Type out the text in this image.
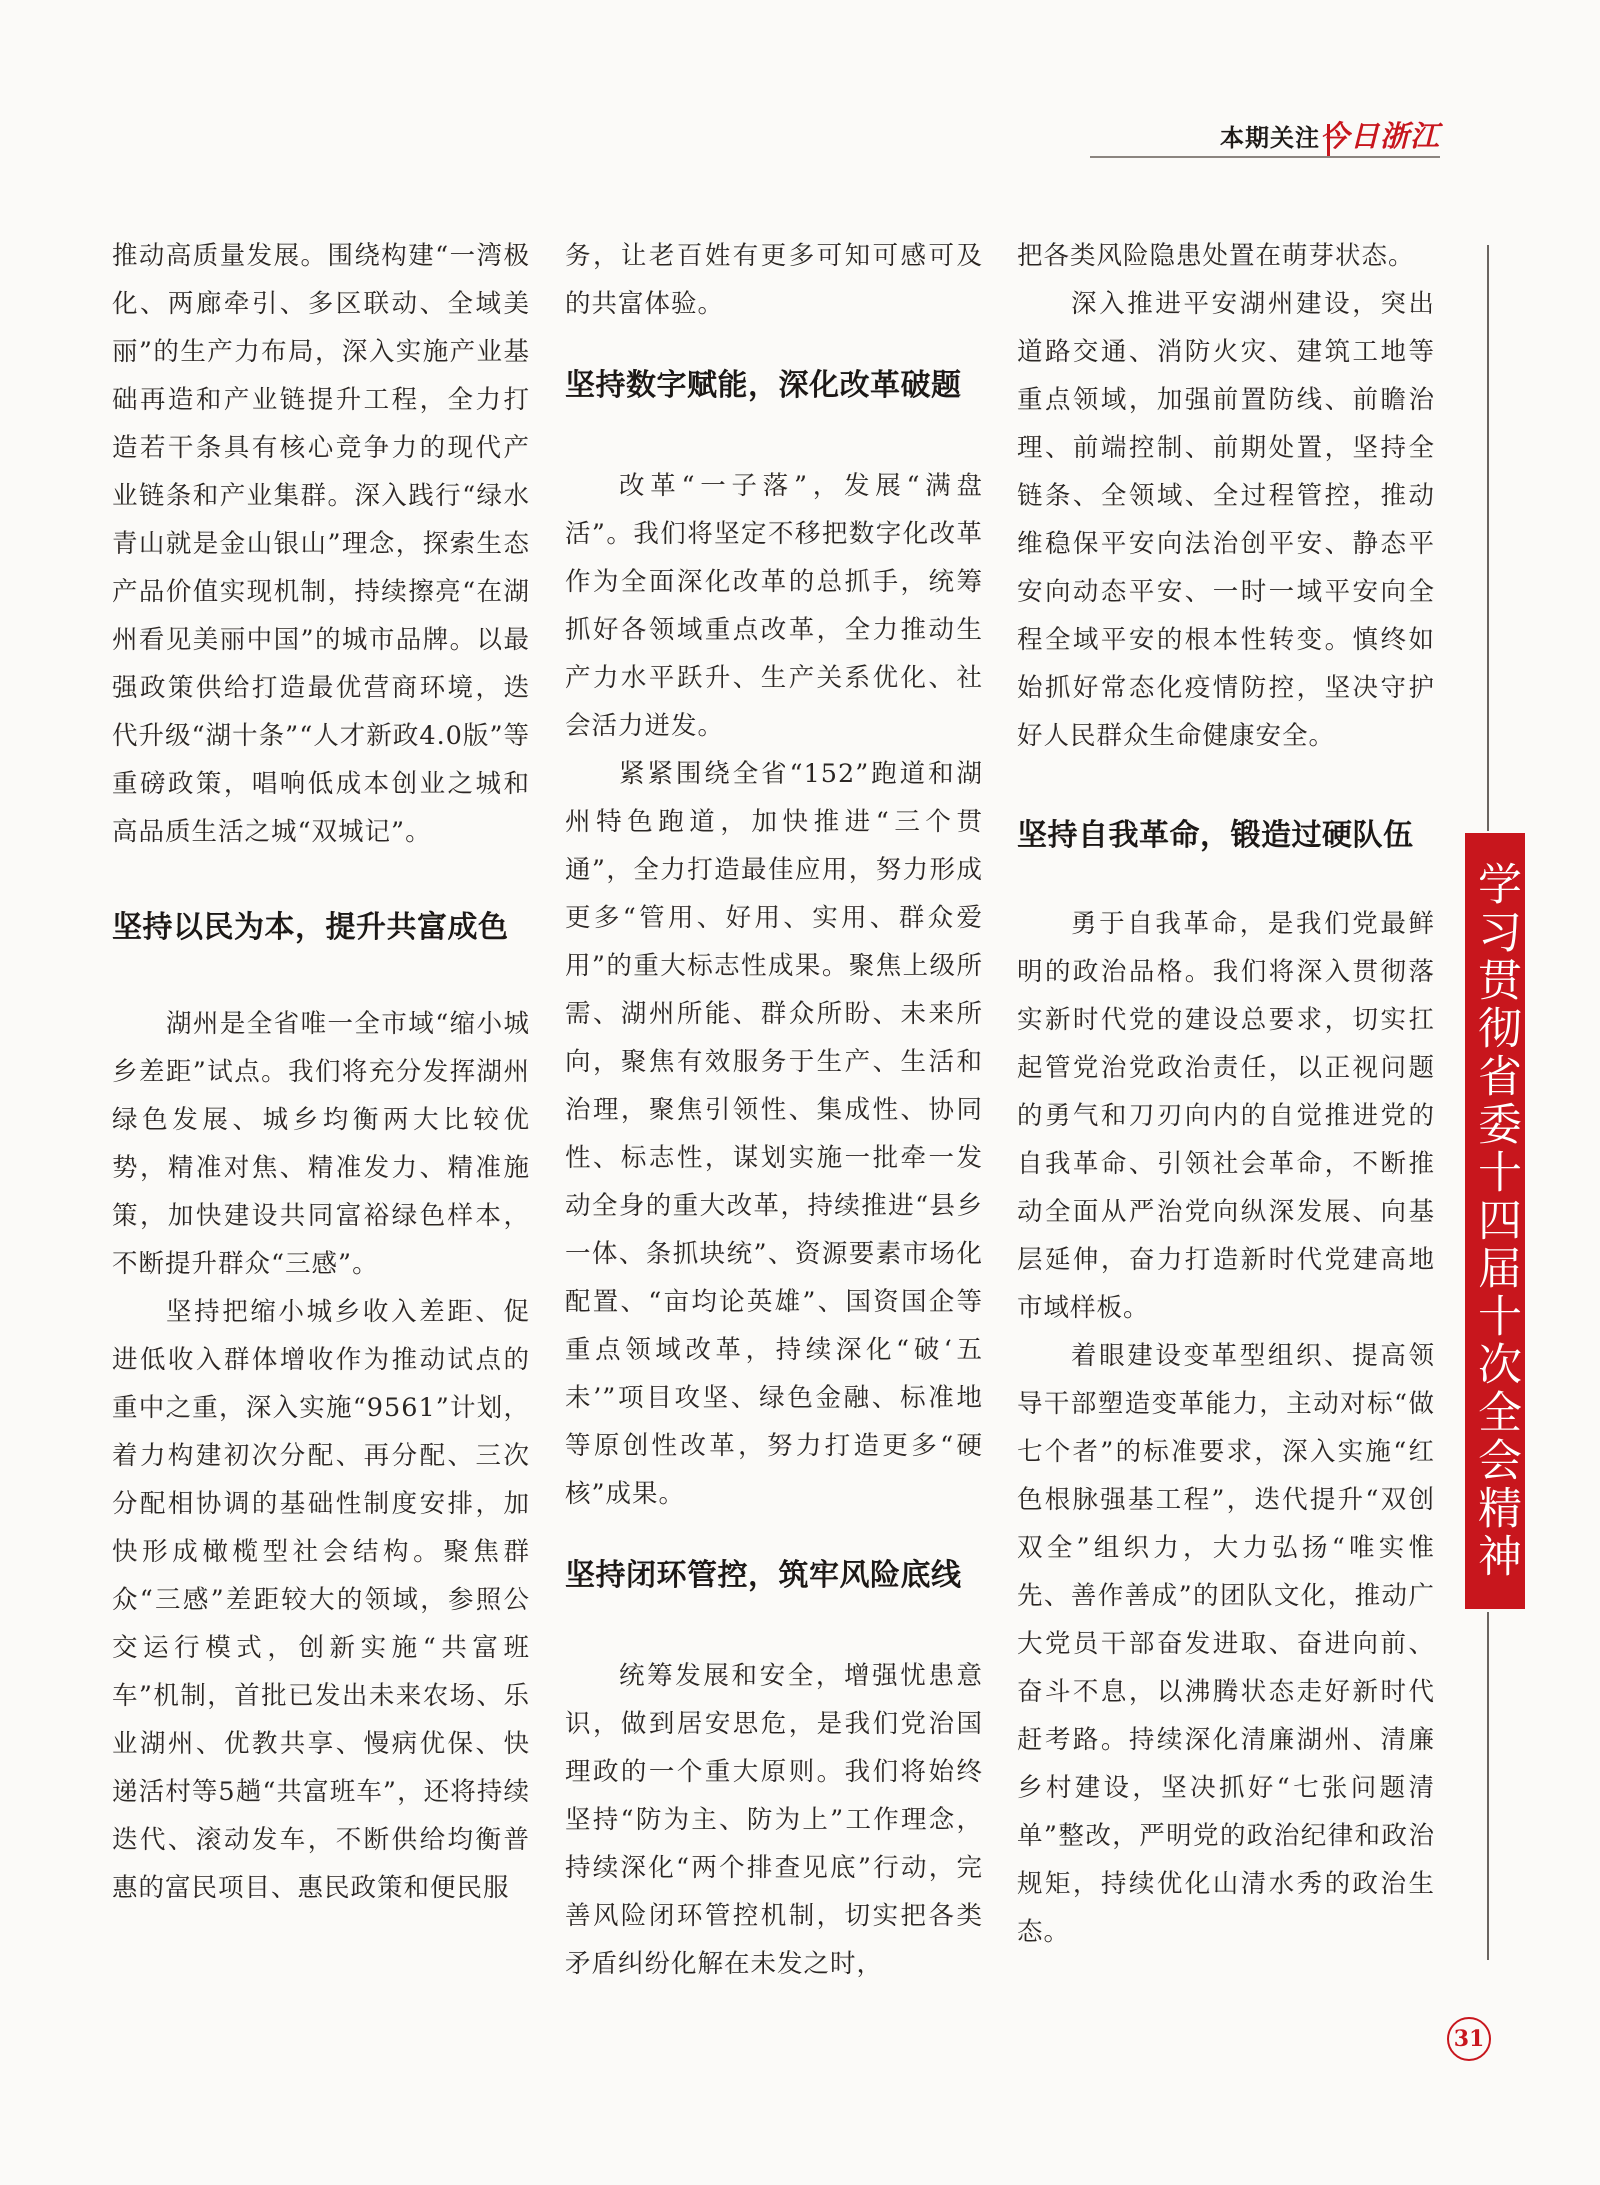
本期关注 今日浙江

推动高质量发展。围绕构建“一湾极化、两廊牵引、多区联动、全域美丽”的生产力布局，深入实施产业基础再造和产业链提升工程，全力打造若干条具有核心竞争力的现代产业链条和产业集群。深入践行“绿水青山就是金山银山”理念，探索生态产品价值实现机制，持续擦亮“在湖州看见美丽中国”的城市品牌。以最强政策供给打造最优营商环境，迭代升级“湖十条”“人才新政4.0版”等重磅政策，唱响低成本创业之城和高品质生活之城“双城记”。

坚持以民为本，提升共富成色

湖州是全省唯一全市域“缩小城乡差距”试点。我们将充分发挥湖州绿色发展、城乡均衡两大比较优势，精准对焦、精准发力、精准施策，加快建设共同富裕绿色样本，不断提升群众“三感”。

坚持把缩小城乡收入差距、促进低收入群体增收作为推动试点的重中之重，深入实施“9561”计划，着力构建初次分配、再分配、三次分配相协调的基础性制度安排，加快形成橄榄型社会结构。聚焦群众“三感”差距较大的领域，参照公交运行模式，创新实施“共富班车”机制，首批已发出未来农场、乐业湖州、优教共享、慢病优保、快递活村等5趟“共富班车”，还将持续迭代、滚动发车，不断供给均衡普惠的富民项目、惠民政策和便民服

务，让老百姓有更多可知可感可及的共富体验。

坚持数字赋能，深化改革破题

改革“一子落”，发展“满盘活”。我们将坚定不移把数字化改革作为全面深化改革的总抓手，统筹抓好各领域重点改革，全力推动生产力水平跃升、生产关系优化、社会活力迸发。

紧紧围绕全省“152”跑道和湖州特色跑道，加快推进“三个贯通”，全力打造最佳应用，努力形成更多“管用、好用、实用、群众爱用”的重大标志性成果。聚焦上级所需、湖州所能、群众所盼、未来所向，聚焦有效服务于生产、生活和治理，聚焦引领性、集成性、协同性、标志性，谋划实施一批牵一发动全身的重大改革，持续推进“县乡一体、条抓块统”、资源要素市场化配置、“亩均论英雄”、国资国企等重点领域改革，持续深化“破‘五未’”项目攻坚、绿色金融、标准地等原创性改革，努力打造更多“硬核”成果。

坚持闭环管控，筑牢风险底线

统筹发展和安全，增强忧患意识，做到居安思危，是我们党治国理政的一个重大原则。我们将始终坚持“防为主、防为上”工作理念，持续深化“两个排查见底”行动，完善风险闭环管控机制，切实把各类矛盾纠纷化解在未发之时，

把各类风险隐患处置在萌芽状态。

深入推进平安湖州建设，突出道路交通、消防火灾、建筑工地等重点领域，加强前置防线、前瞻治理、前端控制、前期处置，坚持全链条、全领域、全过程管控，推动维稳保平安向法治创平安、静态平安向动态平安、一时一域平安向全程全域平安的根本性转变。慎终如始抓好常态化疫情防控，坚决守护好人民群众生命健康安全。

坚持自我革命，锻造过硬队伍

勇于自我革命，是我们党最鲜明的政治品格。我们将深入贯彻落实新时代党的建设总要求，切实扛起管党治党政治责任，以正视问题的勇气和刀刃向内的自觉推进党的自我革命、引领社会革命，不断推动全面从严治党向纵深发展、向基层延伸，奋力打造新时代党建高地市域样板。

着眼建设变革型组织、提高领导干部塑造变革能力，主动对标“做七个者”的标准要求，深入实施“红色根脉强基工程”，迭代提升“双创双全”组织力，大力弘扬“唯实惟先、善作善成”的团队文化，推动广大党员干部奋发进取、奋进向前、奋斗不息，以沸腾状态走好新时代赶考路。持续深化清廉湖州、清廉乡村建设，坚决抓好“七张问题清单”整改，严明党的政治纪律和政治规矩，持续优化山清水秀的政治生态。

学习贯彻省委十四届十次全会精神
31
